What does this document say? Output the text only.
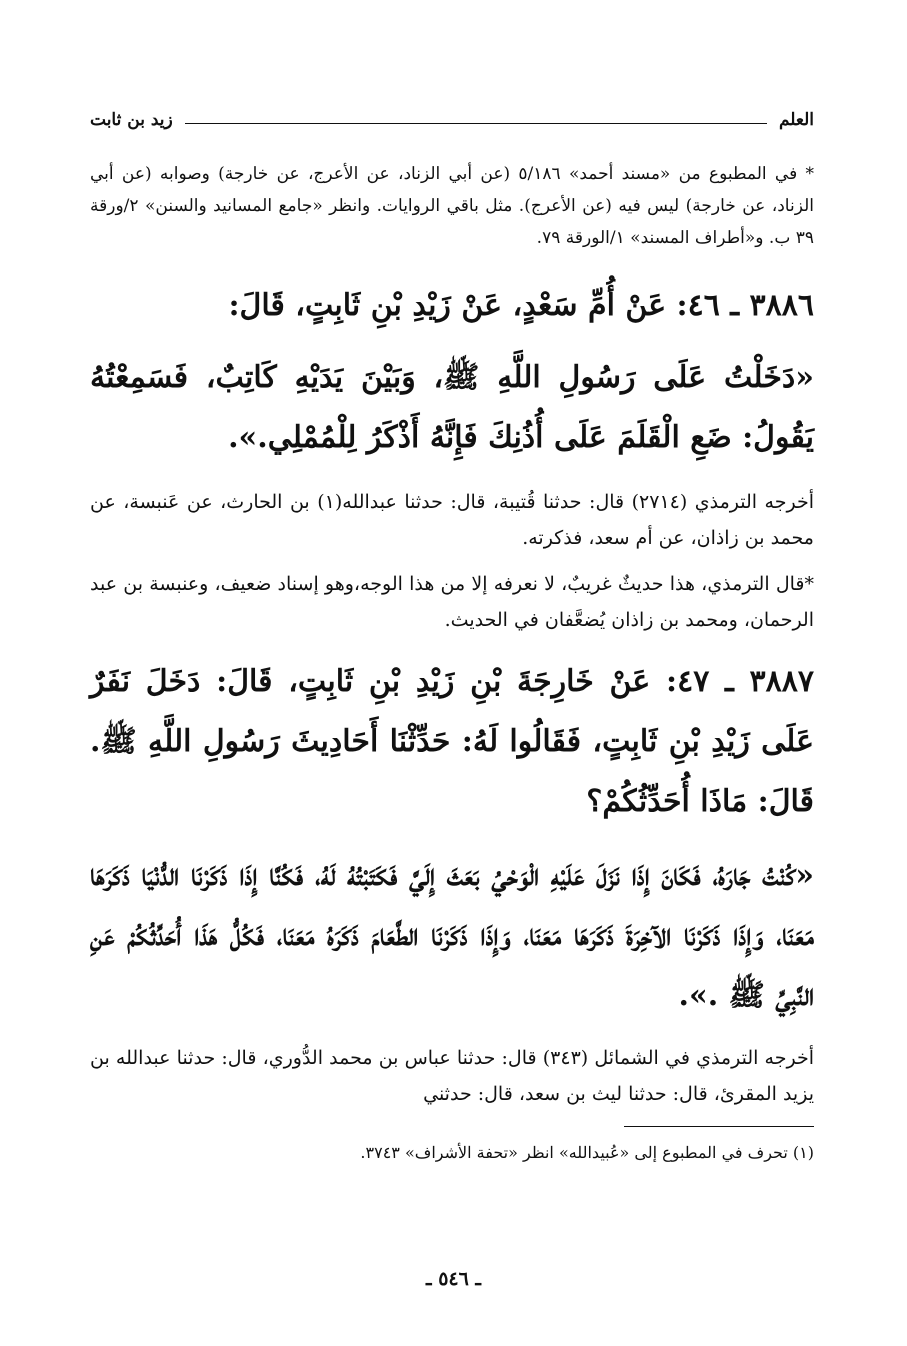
العلم
زيد بن ثابت

* في المطبوع من «مسند أحمد» ٥/١٨٦ (عن أبي الزناد، عن الأعرج، عن خارجة) وصوابه (عن أبي الزناد، عن خارجة) ليس فيه (عن الأعرج). مثل باقي الروايات. وانظر «جامع المسانيد والسنن» ٢/ورقة ٣٩ ب. و«أطراف المسند» ١/الورقة ٧٩.

٣٨٨٦ ـ ٤٦: عَنْ أُمِّ سَعْدٍ، عَنْ زَيْدِ بْنِ ثَابِتٍ، قَالَ:

«دَخَلْتُ عَلَى رَسُولِ اللَّهِ ﷺ، وَبَيْنَ يَدَيْهِ كَاتِبٌ، فَسَمِعْتُهُ يَقُولُ: ضَعِ الْقَلَمَ عَلَى أُذُنِكَ فَإِنَّهُ أَذْكَرُ لِلْمُمْلِي.».

أخرجه الترمذي (٢٧١٤) قال: حدثنا قُتيبة، قال: حدثنا عبدالله(١) بن الحارث، عن عَنبسة، عن محمد بن زاذان، عن أم سعد، فذكرته.

*قال الترمذي، هذا حديثٌ غريبٌ، لا نعرفه إلا من هذا الوجه،وهو إسناد ضعيف، وعنبسة بن عبد الرحمان، ومحمد بن زاذان يُضعَّفان في الحديث.

٣٨٨٧ ـ ٤٧: عَنْ خَارِجَةَ بْنِ زَيْدِ بْنِ ثَابِتٍ، قَالَ: دَخَلَ نَفَرٌ عَلَى زَيْدِ بْنِ ثَابِتٍ، فَقَالُوا لَهُ: حَدِّثْنَا أَحَادِيثَ رَسُولِ اللَّهِ ﷺ. قَالَ: مَاذَا أُحَدِّثُكُمْ؟

«كُنْتُ جَارَهُ، فَكَانَ إِذَا نَزَلَ عَلَيْهِ الْوَحْيُ بَعَثَ إِلَيَّ فَكَتَبْتُهُ لَهُ، فَكُنَّا إِذَا ذَكَرْنَا الدُّنْيَا ذَكَرَهَا مَعَنَا، وَإِذَا ذَكَرْنَا الآخِرَةَ ذَكَرَهَا مَعَنَا، وَإِذَا ذَكَرْنَا الطَّعَامَ ذَكَرَهُ مَعَنَا، فَكُلُّ هَذَا أُحَدِّثُكُمْ عَنِ النَّبِيِّ ﷺ .».

أخرجه الترمذي في الشمائل (٣٤٣) قال: حدثنا عباس بن محمد الدُّوري، قال: حدثنا عبدالله بن يزيد المقرئ، قال: حدثنا ليث بن سعد، قال: حدثني

(١) تحرف في المطبوع إلى «عُبيدالله» انظر «تحفة الأشراف» ٣٧٤٣.

ـ ٥٤٦ ـ
